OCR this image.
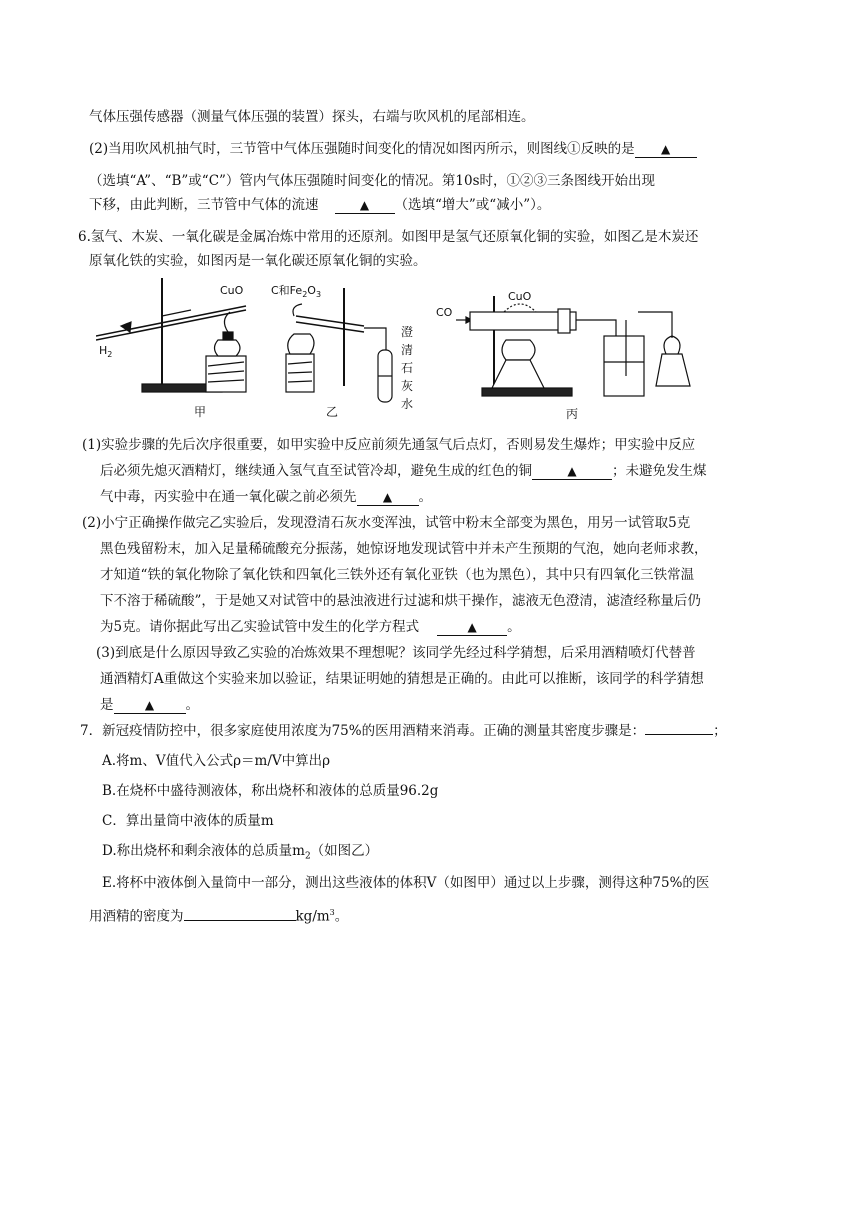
气体压强传感器（测量气体压强的装置）探头，右端与吹风机的尾部相连。
(2)当用吹风机抽气时，三节管中气体压强随时间变化的情况如图丙所示，则图线①反映的是 ▲
（选填“A”、“B”或“C”）管内气体压强随时间变化的情况。第10s时，①②③三条图线开始出现
下移，由此判断，三节管中气体的流速	▲ （选填“增大”或“减小”）。
6.氢气、木炭、一氧化碳是金属冶炼中常用的还原剂。如图甲是氢气还原氧化铜的实验，如图乙是木炭还
原氧化铁的实验，如图丙是一氧化碳还原氧化铜的实验。
$H_2$
CuO	C和$Fe_2O_3$
澄
清
石
灰
水
CO
CuO
甲	乙	丙
(1)实验步骤的先后次序很重要，如甲实验中反应前须先通氢气后点灯，否则易发生爆炸；甲实验中反应
后必须先熄灭酒精灯，继续通入氢气直至试管冷却，避免生成的红色的铜	▲	；未避免发生煤
气中毒，丙实验中在通一氧化碳之前必须先 ▲ 。
(2)小宁正确操作做完乙实验后，发现澄清石灰水变浑浊，试管中粉末全部变为黑色，用另一试管取5克
黑色残留粉末，加入足量稀硫酸充分振荡，她惊讶地发现试管中并未产生预期的气泡，她向老师求教，
才知道“铁的氧化物除了氧化铁和四氧化三铁外还有氧化亚铁（也为黑色），其中只有四氧化三铁常温
下不溶于稀硫酸”，于是她又对试管中的悬浊液进行过滤和烘干操作，滤液无色澄清，滤渣经称量后仍
为5克。请你据此写出乙实验试管中发生的化学方程式	▲ 。
(3)到底是什么原因导致乙实验的冶炼效果不理想呢？该同学先经过科学猜想，后采用酒精喷灯代替普
通酒精灯A重做这个实验来加以验证，结果证明她的猜想是正确的。由此可以推断，该同学的科学猜想
是	▲ 。
7．新冠疫情防控中，很多家庭使用浓度为75%的医用酒精来消毒。正确的测量其密度步骤是：	；
A.将m、V值代入公式ρ＝m/V中算出ρ
B.在烧杯中盛待测液体，称出烧杯和液体的总质量96.2g
C．算出量筒中液体的质量m
D.称出烧杯和剩余液体的总质量$m_2$（如图乙）
E.将杯中液体倒入量筒中一部分，测出这些液体的体积V（如图甲）通过以上步骤，测得这种75%的医
用酒精的密度为	$kg/m^3$。
